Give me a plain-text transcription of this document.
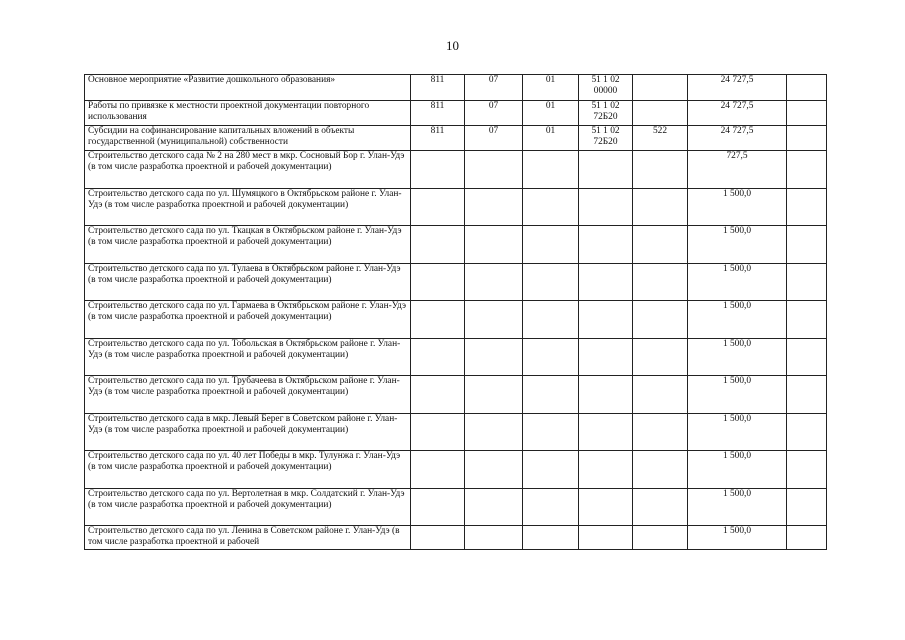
10
Основное мероприятие «Развитие дошкольного образования»	811	07	01	51 1 02 00000		24 727,5	
Работы по привязке к местности проектной документации повторного использования	811	07	01	51 1 02 72Б20		24 727,5	
Субсидии на софинансирование капитальных вложений в объекты государственной (муниципальной) собственности	811	07	01	51 1 02 72Б20	522	24 727,5	
Строительство детского сада № 2 на 280 мест в мкр. Сосновый Бор г. Улан-Удэ (в том числе разработка проектной и рабочей документации)						727,5	
Строительство детского сада по ул. Шумяцкого в Октябрьском районе г. Улан-Удэ (в том числе разработка проектной и рабочей документации)						1 500,0	
Строительство детского сада по ул. Ткацкая в Октябрьском районе г. Улан-Удэ (в том числе разработка проектной и рабочей документации)						1 500,0	
Строительство детского сада по ул. Тулаева в Октябрьском районе г. Улан-Удэ (в том числе разработка проектной и рабочей документации)						1 500,0	
Строительство детского сада по ул. Гармаева в Октябрьском районе г. Улан-Удэ (в том числе разработка проектной и рабочей документации)						1 500,0	
Строительство детского сада по ул. Тобольская в Октябрьском районе г. Улан-Удэ (в том числе разработка проектной и рабочей документации)						1 500,0	
Строительство детского сада по ул. Трубачеева в Октябрьском районе г. Улан-Удэ (в том числе разработка проектной и рабочей документации)						1 500,0	
Строительство детского сада в мкр. Левый Берег в Советском районе г. Улан-Удэ (в том числе разработка проектной и рабочей документации)						1 500,0	
Строительство детского сада по ул. 40 лет Победы в мкр. Тулунжа г. Улан-Удэ (в том числе разработка проектной и рабочей документации)						1 500,0	
Строительство детского сада по ул. Вертолетная в мкр. Солдатский г. Улан-Удэ (в том числе разработка проектной и рабочей документации)						1 500,0	
Строительство детского сада по ул. Ленина в Советском районе г. Улан-Удэ (в том числе разработка проектной и рабочей						1 500,0	
